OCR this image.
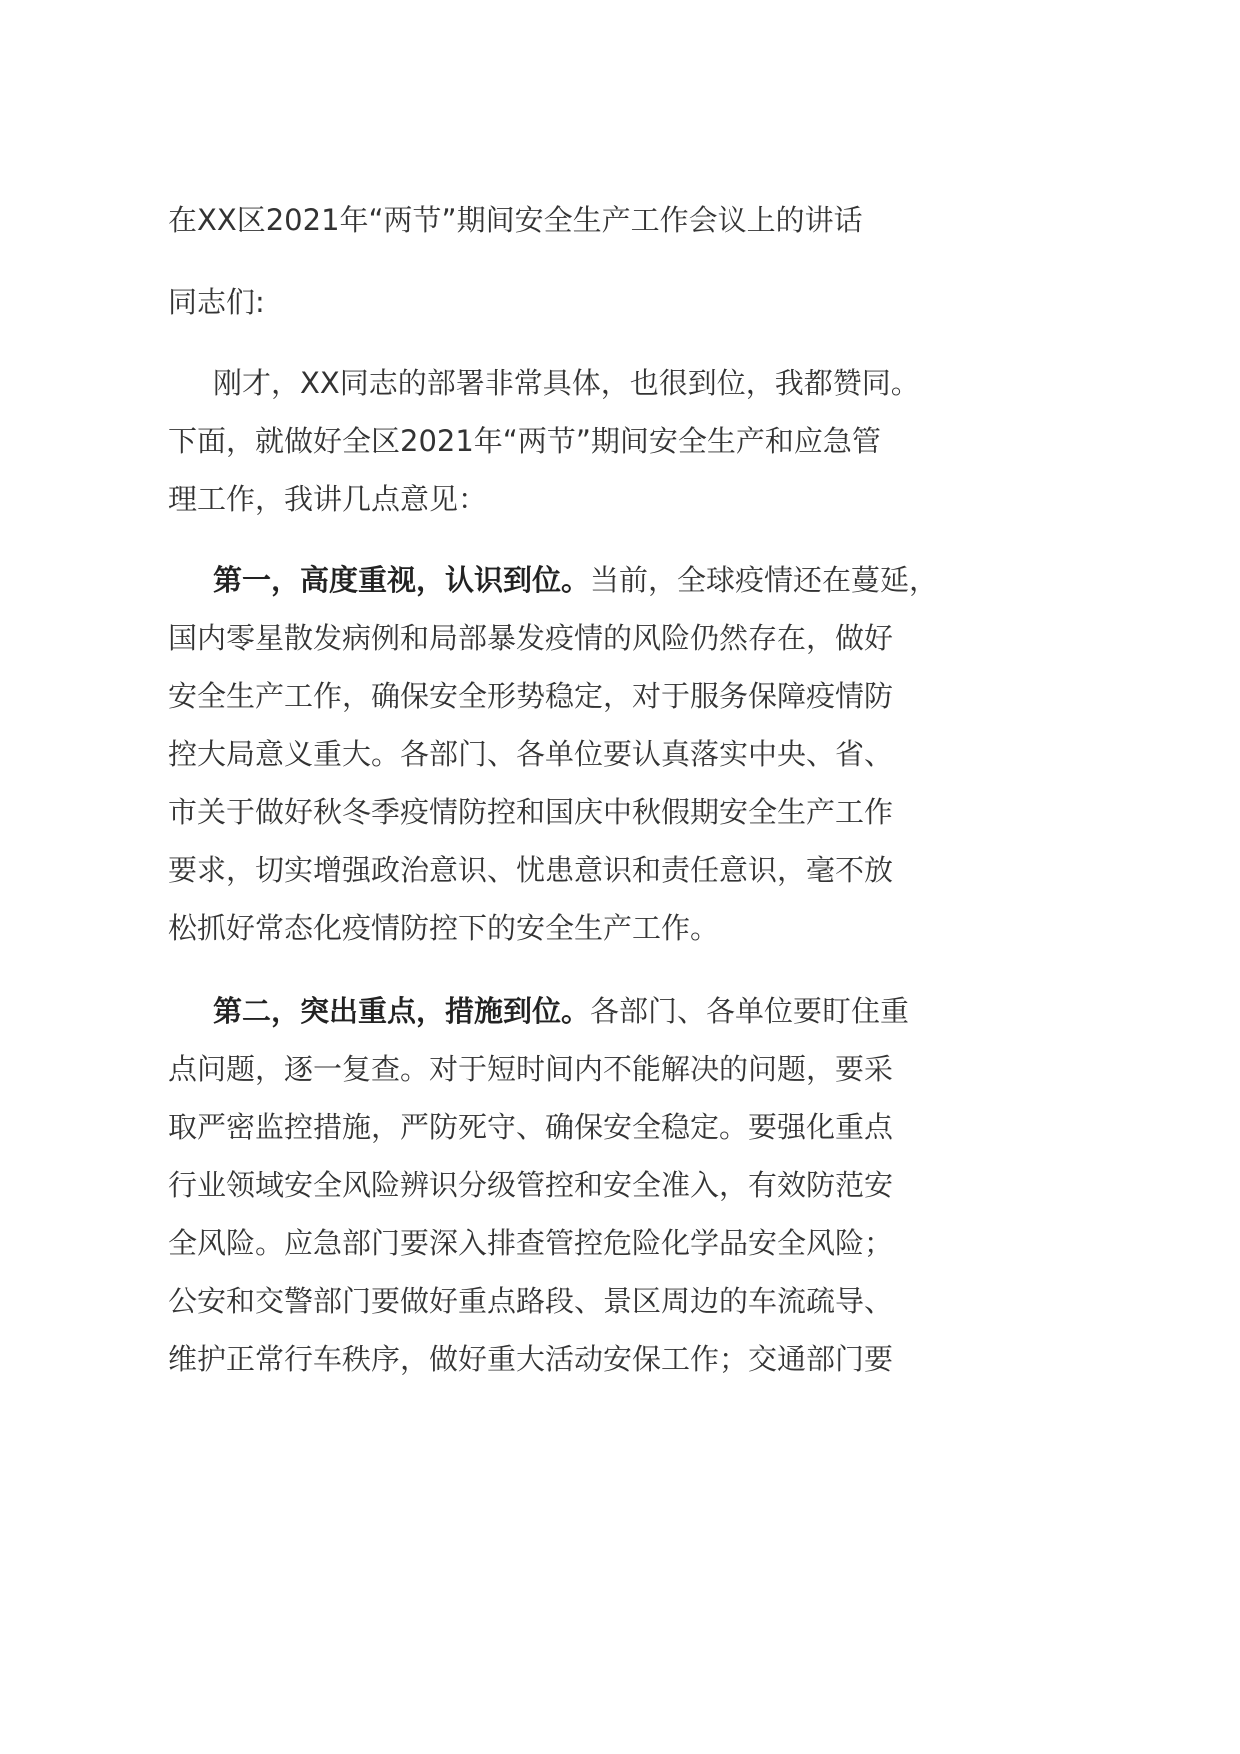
在XX区2021年“两节”期间安全生产工作会议上的讲话
同志们:
刚才，XX同志的部署非常具体，也很到位，我都赞同。
下面，就做好全区2021年“两节”期间安全生产和应急管
理工作，我讲几点意见：
第一，高度重视，认识到位。当前，全球疫情还在蔓延，
国内零星散发病例和局部暴发疫情的风险仍然存在，做好
安全生产工作，确保安全形势稳定，对于服务保障疫情防
控大局意义重大。各部门、各单位要认真落实中央、省、
市关于做好秋冬季疫情防控和国庆中秋假期安全生产工作
要求，切实增强政治意识、忧患意识和责任意识，毫不放
松抓好常态化疫情防控下的安全生产工作。
第二，突出重点，措施到位。各部门、各单位要盯住重
点问题，逐一复查。对于短时间内不能解决的问题，要采
取严密监控措施，严防死守、确保安全稳定。要强化重点
行业领域安全风险辨识分级管控和安全准入，有效防范安
全风险。应急部门要深入排查管控危险化学品安全风险；
公安和交警部门要做好重点路段、景区周边的车流疏导、
维护正常行车秩序，做好重大活动安保工作；交通部门要
